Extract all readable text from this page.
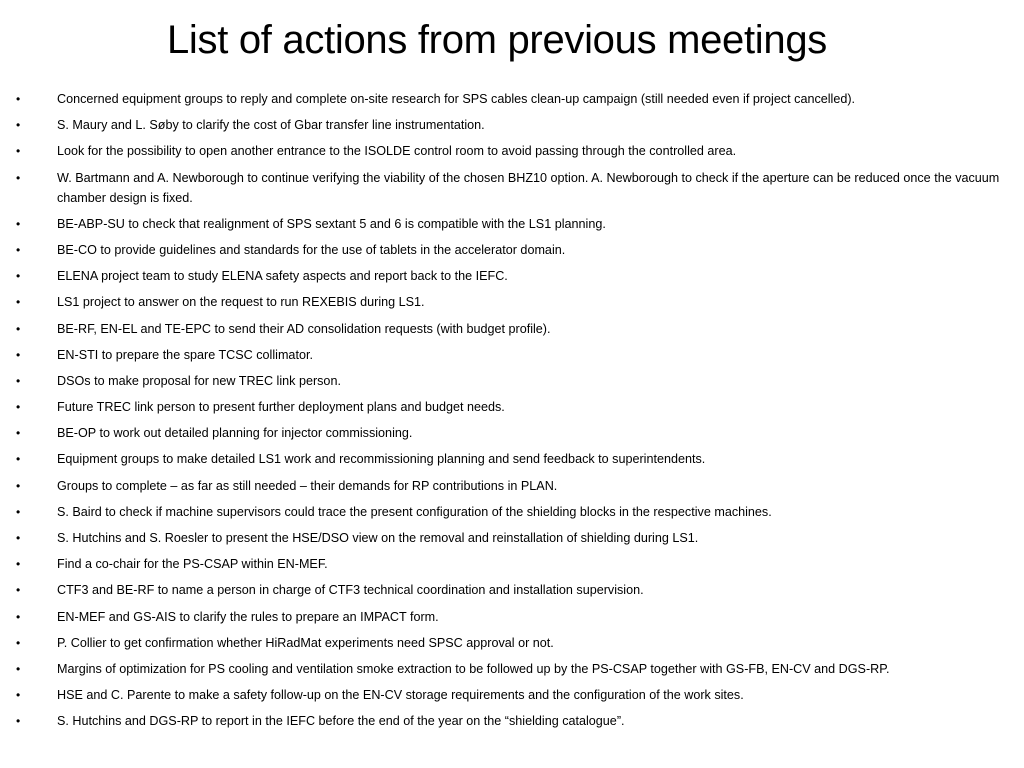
List of actions from previous meetings
•	Concerned equipment groups to reply and complete on-site research for SPS cables clean-up campaign (still needed even if project cancelled).
•	S. Maury and L. Søby to clarify the cost of Gbar transfer line instrumentation.
•	Look for the possibility to open another entrance to the ISOLDE control room to avoid passing through the controlled area.
•	W. Bartmann and A. Newborough to continue verifying the viability of the chosen BHZ10 option. A. Newborough to check if the aperture can be reduced once the vacuum chamber design is fixed.
•	BE-ABP-SU to check that realignment of SPS sextant 5 and 6 is compatible with the LS1 planning.
•	BE-CO to provide guidelines and standards for the use of tablets in the accelerator domain.
•	ELENA project team to study ELENA safety aspects and report back to the IEFC.
•	LS1 project to answer on the request to run REXEBIS during LS1.
•	BE-RF, EN-EL and TE-EPC to send their AD consolidation requests (with budget profile).
•	EN-STI to prepare the spare TCSC collimator.
•	DSOs to make proposal for new TREC link person.
•	Future TREC link person to present further deployment plans and budget needs.
•	BE-OP to work out detailed planning for injector commissioning.
•	Equipment groups to make detailed LS1 work and recommissioning planning and send feedback to superintendents.
•	Groups to complete – as far as still needed – their demands for RP contributions in PLAN.
•	S. Baird to check if machine supervisors could trace the present configuration of the shielding blocks in the respective machines.
•	S. Hutchins and S. Roesler to present the HSE/DSO view on the removal and reinstallation of shielding during LS1.
•	Find a co-chair for the PS-CSAP within EN-MEF.
•	CTF3 and BE-RF to name a person in charge of CTF3 technical coordination and installation supervision.
•	EN-MEF and GS-AIS to clarify the rules to prepare an IMPACT form.
•	P. Collier to get confirmation whether HiRadMat experiments need SPSC approval or not.
•	Margins of optimization for PS cooling and ventilation smoke extraction to be followed up by the PS-CSAP together with GS-FB, EN-CV and DGS-RP.
•	HSE and C. Parente to make a safety follow-up on the EN-CV storage requirements and the configuration of the work sites.
•	S. Hutchins and DGS-RP to report in the IEFC before the end of the year on the “shielding catalogue”.
